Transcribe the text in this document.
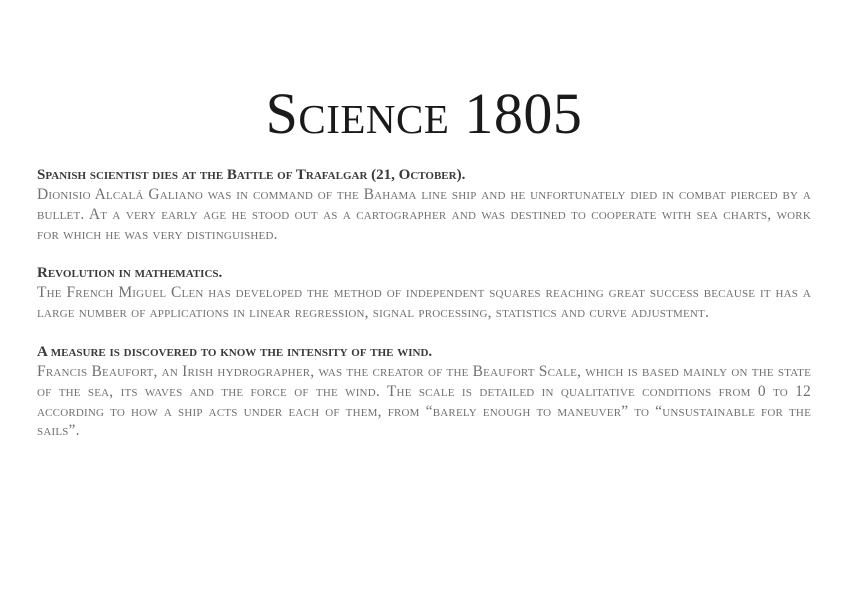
Science 1805

Spanish scientist dies at the Battle of Trafalgar (21, October).

Dionisio Alcalá Galiano was in command of the Bahama line ship and he unfortunately died in combat pierced by a bullet. At a very early age he stood out as a cartographer and was destined to cooperate with sea charts, work for which he was very distinguished.

Revolution in mathematics.

The French Miguel Clen has developed the method of independent squares reaching great success because it has a large number of applications in linear regression, signal processing, statistics and curve adjustment.

A measure is discovered to know the intensity of the wind.

Francis Beaufort, an Irish hydrographer, was the creator of the Beaufort Scale, which is based mainly on the state of the sea, its waves and the force of the wind. The scale is detailed in qualitative conditions from 0 to 12 according to how a ship acts under each of them, from “barely enough to maneuver” to “unsustainable for the sails”.
